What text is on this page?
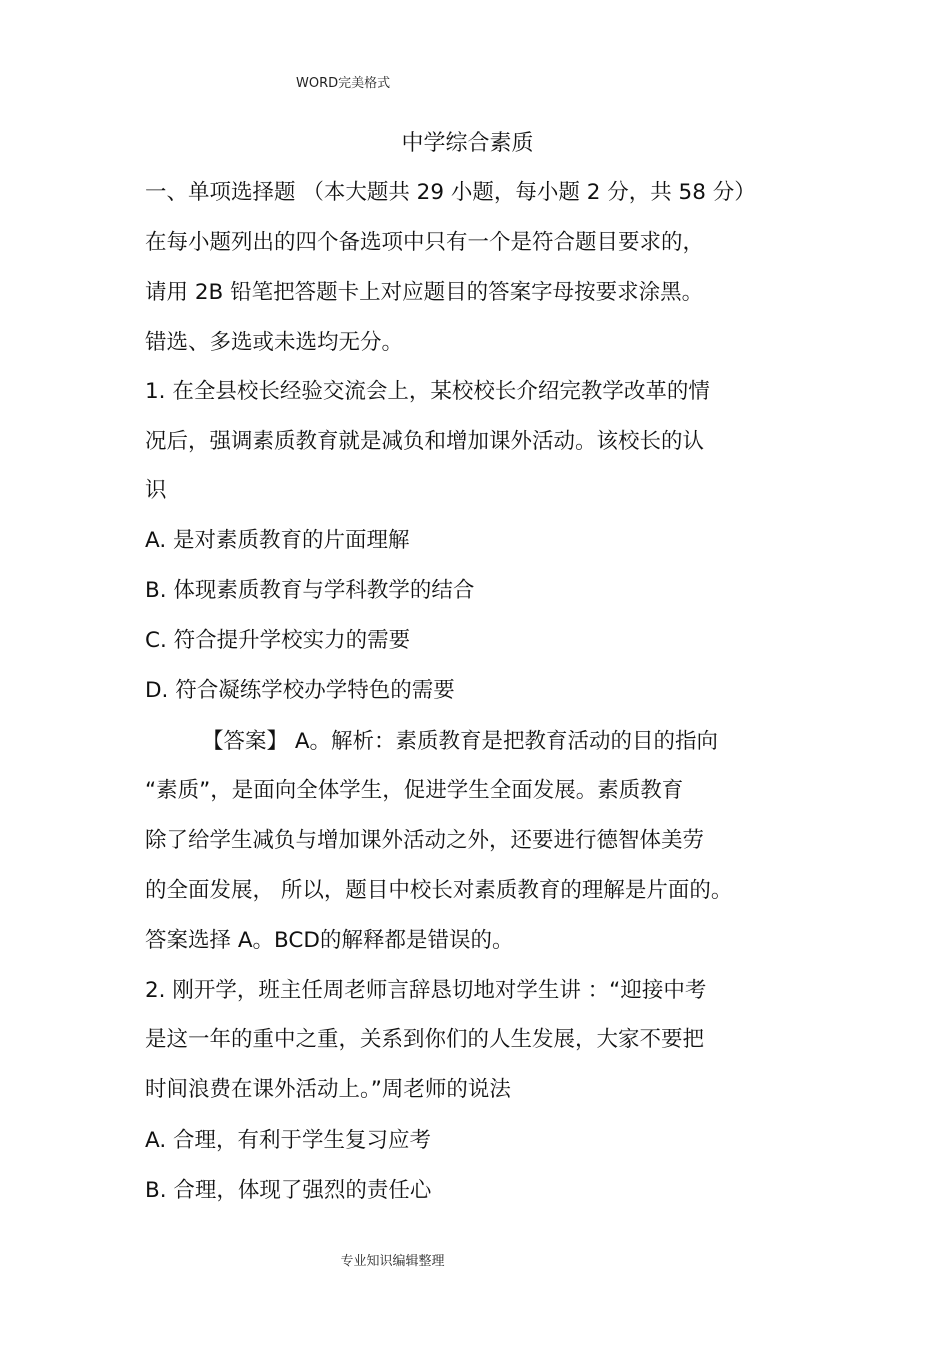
WORD完美格式
中学综合素质
一、单项选择题 （本大题共 29 小题，每小题 2 分，共 58 分）
在每小题列出的四个备选项中只有一个是符合题目要求的，
请用 2B 铅笔把答题卡上对应题目的答案字母按要求涂黑。
错选、多选或未选均无分。
1. 在全县校长经验交流会上，某校校长介绍完教学改革的情
况后，强调素质教育就是减负和增加课外活动。该校长的认
识
A. 是对素质教育的片面理解
B. 体现素质教育与学科教学的结合
C. 符合提升学校实力的需要
D. 符合凝练学校办学特色的需要
【答案】 A。解析：素质教育是把教育活动的目的指向
“素质”，是面向全体学生，促进学生全面发展。素质教育
除了给学生减负与增加课外活动之外，还要进行德智体美劳
的全面发展， 所以，题目中校长对素质教育的理解是片面的。
答案选择 A。BCD的解释都是错误的。
2. 刚开学，班主任周老师言辞恳切地对学生讲 ：“迎接中考
是这一年的重中之重，关系到你们的人生发展，大家不要把
时间浪费在课外活动上。”周老师的说法
A. 合理，有利于学生复习应考
B. 合理，体现了强烈的责任心
专业知识编辑整理
